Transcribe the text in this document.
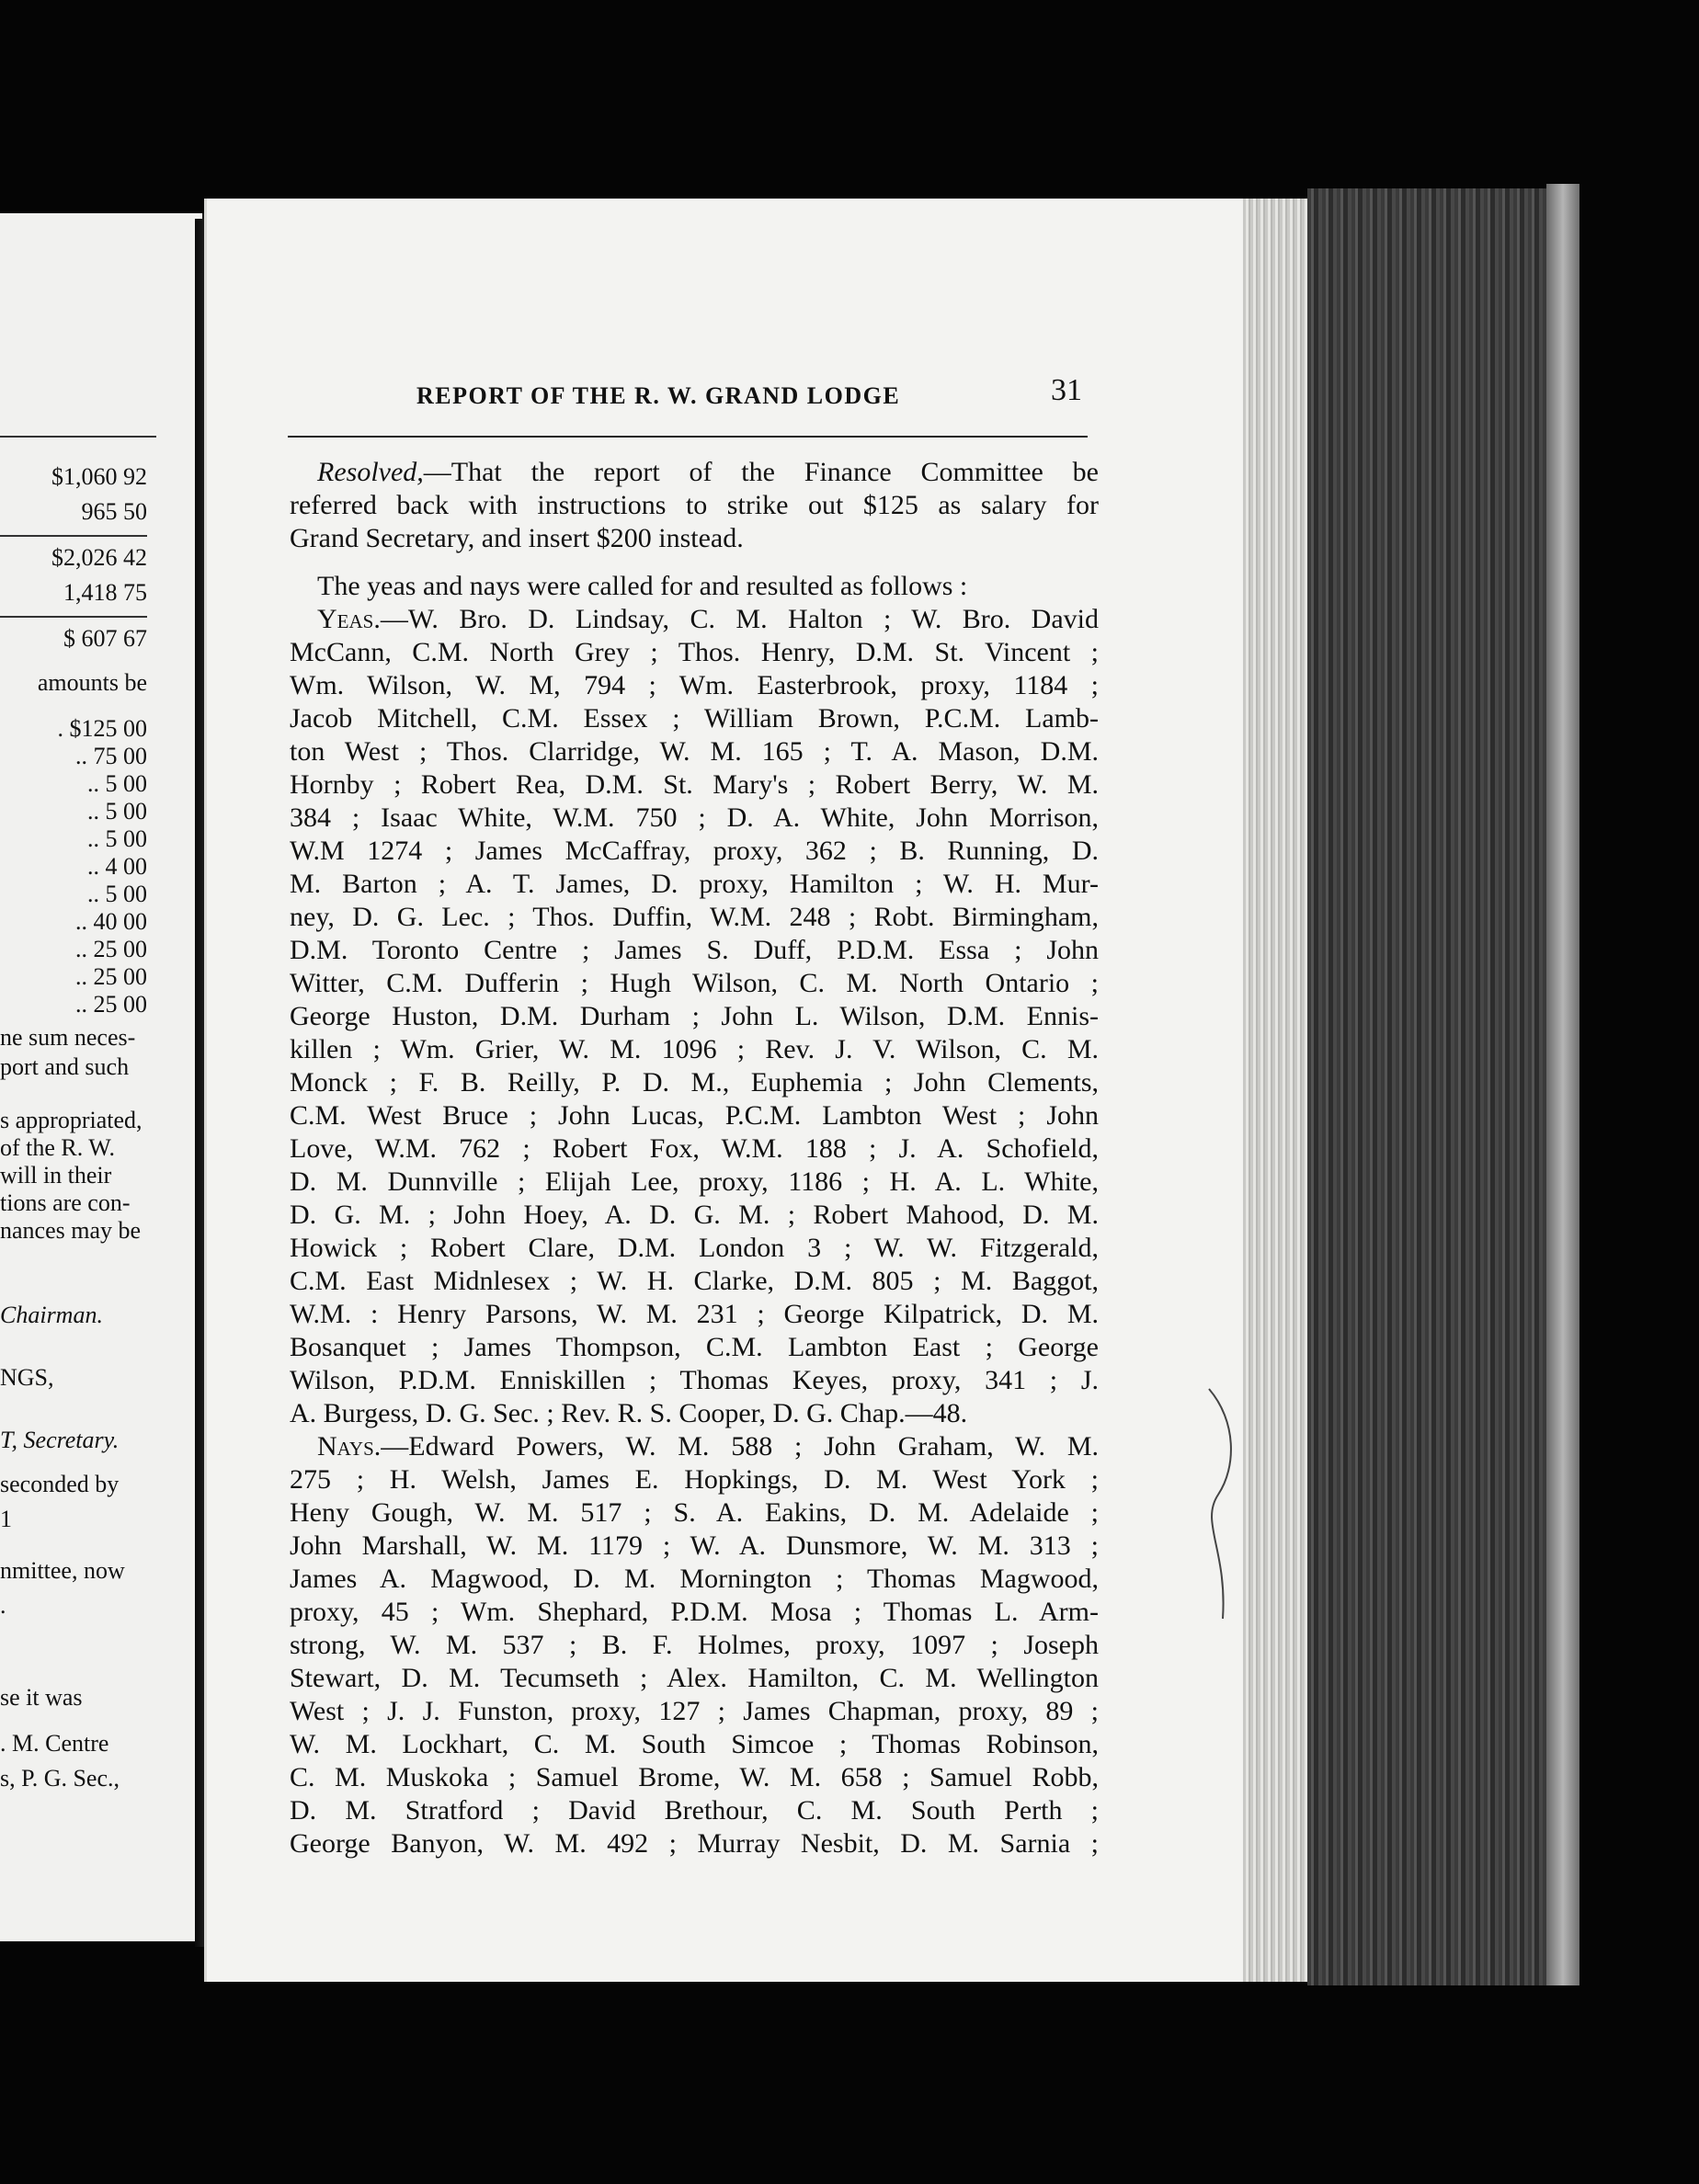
$1,060 92

965 50

$2,026 42

1,418 75

$ 607 67

amounts be

. $125 00

.. 75 00

.. 5 00

.. 5 00

.. 5 00

.. 4 00

.. 5 00

.. 40 00

.. 25 00

.. 25 00

.. 25 00

ne sum neces-

port and such

s appropriated,

of the R. W.

will in their

tions are con-

nances may be

Chairman.

NGS,

T, Secretary.

seconded by

1

nmittee, now

.

se it was

. M. Centre

s, P. G. Sec.,

REPORT OF THE R. W. GRAND LODGE	31

Resolved,—That the report of the Finance Committee be

referred back with instructions to strike out $125 as salary for

Grand Secretary, and insert $200 instead.

The yeas and nays were called for and resulted as follows :

Yeas.—W. Bro. D. Lindsay, C. M. Halton ; W. Bro. David

McCann, C.M. North Grey ; Thos. Henry, D.M. St. Vincent ;

Wm. Wilson, W. M, 794 ; Wm. Easterbrook, proxy, 1184 ;

Jacob Mitchell, C.M. Essex ; William Brown, P.C.M. Lamb-

ton West ; Thos. Clarridge, W. M. 165 ; T. A. Mason, D.M.

Hornby ; Robert Rea, D.M. St. Mary's ; Robert Berry, W. M.

384 ; Isaac White, W.M. 750 ; D. A. White, John Morrison,

W.M 1274 ; James McCaffray, proxy, 362 ; B. Running, D.

M. Barton ; A. T. James, D. proxy, Hamilton ; W. H. Mur-

ney, D. G. Lec. ; Thos. Duffin, W.M. 248 ; Robt. Birmingham,

D.M. Toronto Centre ; James S. Duff, P.D.M. Essa ; John

Witter, C.M. Dufferin ; Hugh Wilson, C. M. North Ontario ;

George Huston, D.M. Durham ; John L. Wilson, D.M. Ennis-

killen ; Wm. Grier, W. M. 1096 ; Rev. J. V. Wilson, C. M.

Monck ; F. B. Reilly, P. D. M., Euphemia ; John Clements,

C.M. West Bruce ; John Lucas, P.C.M. Lambton West ; John

Love, W.M. 762 ; Robert Fox, W.M. 188 ; J. A. Schofield,

D. M. Dunnville ; Elijah Lee, proxy, 1186 ; H. A. L. White,

D. G. M. ; John Hoey, A. D. G. M. ; Robert Mahood, D. M.

Howick ; Robert Clare, D.M. London 3 ; W. W. Fitzgerald,

C.M. East Midnlesex ; W. H. Clarke, D.M. 805 ; M. Baggot,

W.M. : Henry Parsons, W. M. 231 ; George Kilpatrick, D. M.

Bosanquet ; James Thompson, C.M. Lambton East ; George

Wilson, P.D.M. Enniskillen ; Thomas Keyes, proxy, 341 ; J.

A. Burgess, D. G. Sec. ; Rev. R. S. Cooper, D. G. Chap.—48.

Nays.—Edward Powers, W. M. 588 ; John Graham, W. M.

275 ; H. Welsh, James E. Hopkings, D. M. West York ;

Heny Gough, W. M. 517 ; S. A. Eakins, D. M. Adelaide ;

John Marshall, W. M. 1179 ; W. A. Dunsmore, W. M. 313 ;

James A. Magwood, D. M. Mornington ; Thomas Magwood,

proxy, 45 ; Wm. Shephard, P.D.M. Mosa ; Thomas L. Arm-

strong, W. M. 537 ; B. F. Holmes, proxy, 1097 ; Joseph

Stewart, D. M. Tecumseth ; Alex. Hamilton, C. M. Wellington

West ; J. J. Funston, proxy, 127 ; James Chapman, proxy, 89 ;

W. M. Lockhart, C. M. South Simcoe ; Thomas Robinson,

C. M. Muskoka ; Samuel Brome, W. M. 658 ; Samuel Robb,

D. M. Stratford ; David Brethour, C. M. South Perth ;

George Banyon, W. M. 492 ; Murray Nesbit, D. M. Sarnia ;
